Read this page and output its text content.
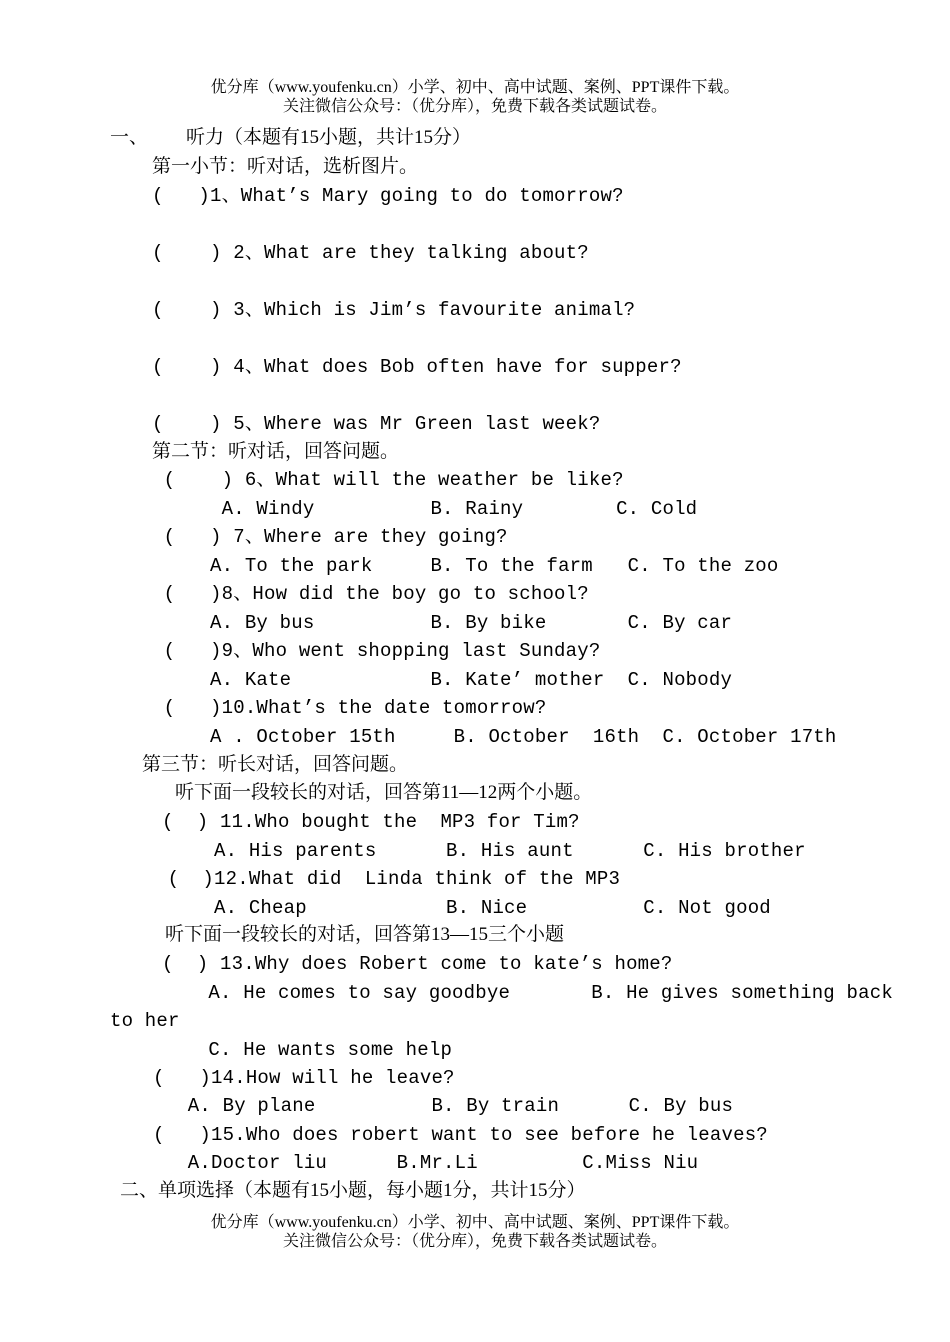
优分库（www.youfenku.cn）小学、初中、高中试题、案例、PPT课件下载。
关注微信公众号：（优分库），免费下载各类试题试卷。
一、 听力（本题有15小题，共计15分）
第一小节：听对话，选析图片。
(   )1、What’s Mary going to do tomorrow?
(    ) 2、What are they talking about?
(    ) 3、Which is Jim’s favourite animal?
(    ) 4、What does Bob often have for supper?
(    ) 5、Where was Mr Green last week?
第二节：听对话，回答问题。
(    ) 6、What will the weather be like?
A. Windy          B. Rainy        C. Cold
(   ) 7、Where are they going?
A. To the park     B. To the farm   C. To the zoo
(   )8、How did the boy go to school?
A. By bus          B. By bike       C. By car
(   )9、Who went shopping last Sunday?
A. Kate            B. Kate’ mother  C. Nobody
(   )10.What’s the date tomorrow?
A . October 15th     B. October  16th  C. October 17th
第三节：听长对话，回答问题。
听下面一段较长的对话，回答第11—12两个小题。
(  ) 11.Who bought the  MP3 for Tim?
A. His parents      B. His aunt      C. His brother
(  )12.What did  Linda think of the MP3
A. Cheap            B. Nice          C. Not good
听下面一段较长的对话，回答第13—15三个小题
(  ) 13.Why does Robert come to kate’s home?
A. He comes to say goodbye       B. He gives something back
to her
C. He wants some help
(   )14.How will he leave?
A. By plane          B. By train      C. By bus
(   )15.Who does robert want to see before he leaves?
A.Doctor liu      B.Mr.Li         C.Miss Niu
二、单项选择（本题有15小题，每小题1分，共计15分）
优分库（www.youfenku.cn）小学、初中、高中试题、案例、PPT课件下载。
关注微信公众号：（优分库），免费下载各类试题试卷。
